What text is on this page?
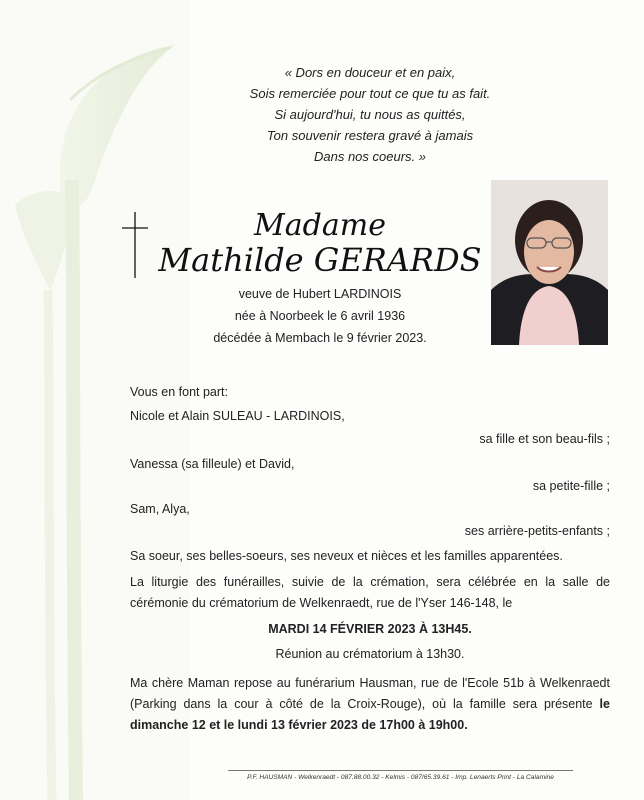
« Dors en douceur et en paix,
Sois remerciée pour tout ce que tu as fait.
Si aujourd'hui, tu nous as quittés,
Ton souvenir restera gravé à jamais
Dans nos coeurs. »
Madame
Mathilde GERARDS
veuve de Hubert LARDINOIS
née à Noorbeek le 6 avril 1936
décédée à Membach le 9 février 2023.
Vous en font part:
Nicole et Alain SULEAU - LARDINOIS,
sa fille et son beau-fils ;
Vanessa (sa filleule) et David,
sa petite-fille ;
Sam, Alya,
ses arrière-petits-enfants ;
Sa soeur, ses belles-soeurs, ses neveux et nièces et les familles apparentées.
La liturgie des funérailles, suivie de la crémation, sera célébrée en la salle de cérémonie du crématorium de Welkenraedt, rue de l'Yser 146-148, le
MARDI 14 FÉVRIER 2023 À 13H45.
Réunion au crématorium à 13h30.
Ma chère Maman repose au funérarium Hausman, rue de l'Ecole 51b à Welkenraedt (Parking dans la cour à côté de la Croix-Rouge), où la famille sera présente le dimanche 12 et le lundi 13 février 2023 de 17h00 à 19h00.
P.F. HAUSMAN - Welkenraedt - 087.88.00.32 - Kelmis - 087/65.39.61 - Imp. Lenaerts Print - La Calamine
